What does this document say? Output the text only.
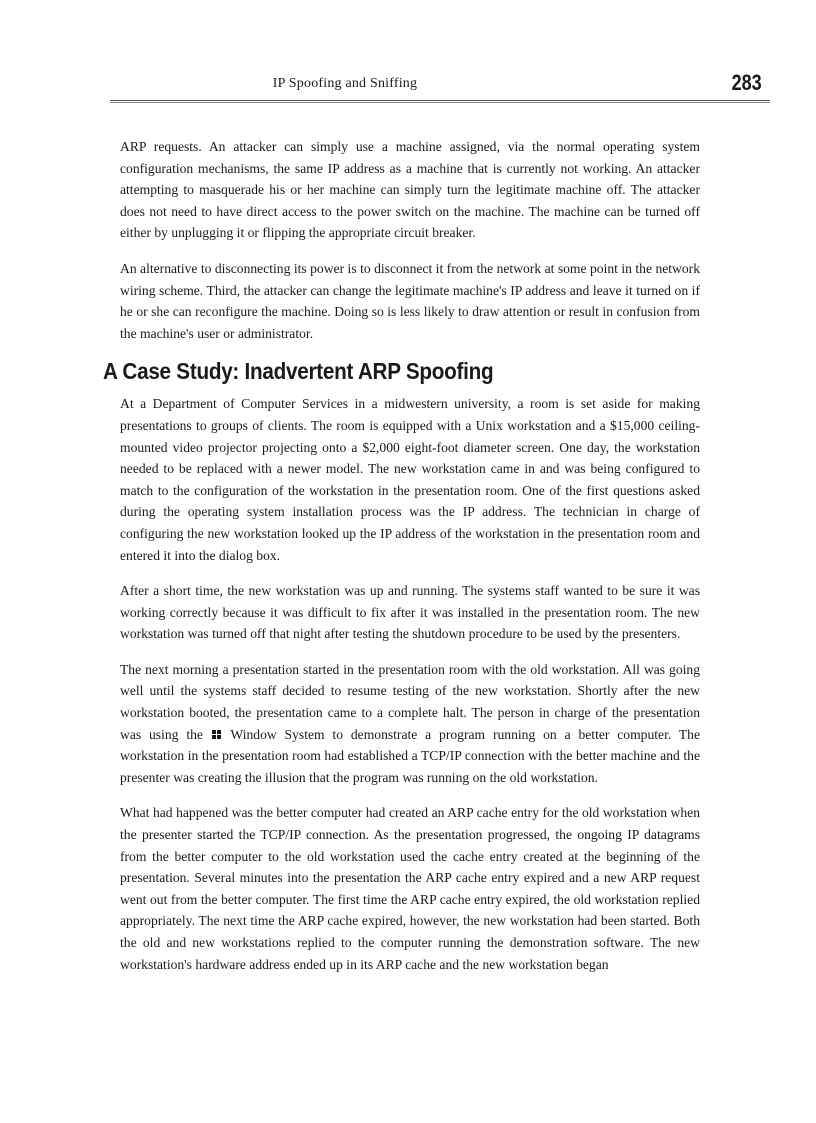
IP Spoofing and Sniffing	283

ARP requests. An attacker can simply use a machine assigned, via the normal operating system configuration mechanisms, the same IP address as a machine that is currently not working. An attacker attempting to masquerade his or her machine can simply turn the legitimate machine off. The attacker does not need to have direct access to the power switch on the machine. The machine can be turned off either by unplugging it or flipping the appropriate circuit breaker.

An alternative to disconnecting its power is to disconnect it from the network at some point in the network wiring scheme. Third, the attacker can change the legitimate machine's IP address and leave it turned on if he or she can reconfigure the machine. Doing so is less likely to draw attention or result in confusion from the machine's user or administrator.

A Case Study: Inadvertent ARP Spoofing

At a Department of Computer Services in a midwestern university, a room is set aside for making presentations to groups of clients. The room is equipped with a Unix workstation and a $15,000 ceiling-mounted video projector projecting onto a $2,000 eight-foot diameter screen. One day, the workstation needed to be replaced with a newer model. The new workstation came in and was being configured to match to the configuration of the workstation in the presentation room. One of the first questions asked during the operating system installation process was the IP address. The technician in charge of configuring the new workstation looked up the IP address of the workstation in the presentation room and entered it into the dialog box.

After a short time, the new workstation was up and running. The systems staff wanted to be sure it was working correctly because it was difficult to fix after it was installed in the presentation room. The new workstation was turned off that night after testing the shutdown procedure to be used by the presenters.

The next morning a presentation started in the presentation room with the old workstation. All was going well until the systems staff decided to resume testing of the new workstation. Shortly after the new workstation booted, the presentation came to a complete halt. The person in charge of the presentation was using the  Window System to demonstrate a program running on a better computer. The workstation in the presentation room had established a TCP/IP connection with the better machine and the presenter was creating the illusion that the program was running on the old workstation.

What had happened was the better computer had created an ARP cache entry for the old workstation when the presenter started the TCP/IP connection. As the presentation progressed, the ongoing IP datagrams from the better computer to the old workstation used the cache entry created at the beginning of the presentation. Several minutes into the presentation the ARP cache entry expired and a new ARP request went out from the better computer. The first time the ARP cache entry expired, the old workstation replied appropriately. The next time the ARP cache expired, however, the new workstation had been started. Both the old and new workstations replied to the computer running the demonstration software. The new workstation's hardware address ended up in its ARP cache and the new workstation began
